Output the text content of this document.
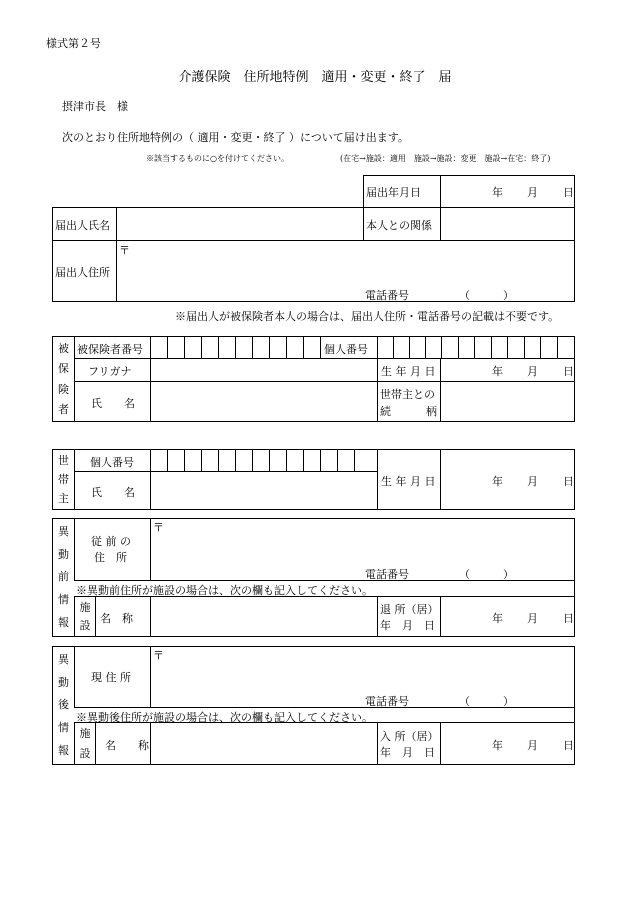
様式第２号
介護保険　住所地特例　適用・変更・終了　届
摂津市長　様
次のとおり住所地特例の（ 適用・変更・終了 ）について届け出ます。
※該当するものに○を付けてください。	(在宅→施設：適用　施設→施設：変更　施設→在宅：終了)
届出年月日	年 月 日
届出人氏名	本人との関係
届出人住所
〒
電話番号	（　　　）
※届出人が被保険者本人の場合は、届出人住所・電話番号の記載は不要です。
被
保
険
者
被保険者番号	個人番号
フリガナ	生 年 月 日	年 月 日
氏　　名
世帯主との
続	柄
世
帯
主
個人番号
氏　　名
生 年 月 日	年 月 日
異
動
前
情
報
従 前 の
住　所
〒
電話番号	（　　　）
※異動前住所が施設の場合は、次の欄も記入してください。
施
設
名　称
退 所（居）
年　月　日
年 月 日
異
動
後
情
報
現 住 所
〒
電話番号	（　　　）
※異動後住所が施設の場合は、次の欄も記入してください。
施
設
名　　称
入 所（居）
年　月　日
年 月 日
